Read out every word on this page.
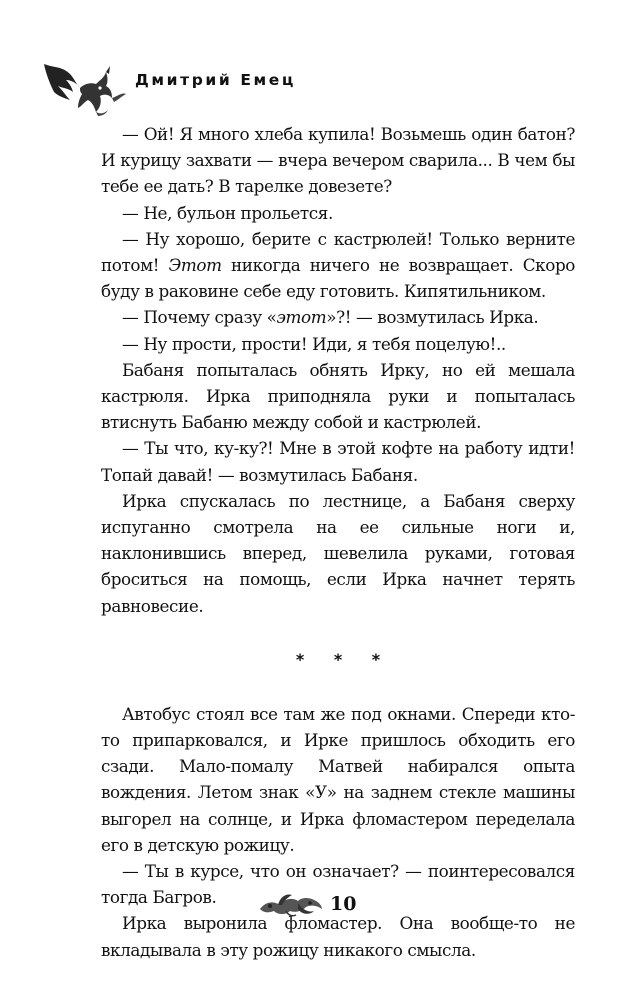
Дмитрий Емец

— Ой! Я много хлеба купила! Возьмешь один батон? И курицу захвати — вчера вечером сварила... В чем бы тебе ее дать? В тарелке довезете?

— Не, бульон прольется.

— Ну хорошо, берите с кастрюлей! Только верните потом! Этот никогда ничего не возвращает. Скоро буду в раковине себе еду готовить. Кипятильником.

— Почему сразу «этот»?! — возмутилась Ирка.

— Ну прости, прости! Иди, я тебя поцелую!..

Бабаня попыталась обнять Ирку, но ей мешала кастрюля. Ирка приподняла руки и попыталась втиснуть Бабаню между собой и кастрюлей.

— Ты что, ку-ку?! Мне в этой кофте на работу идти! Топай давай! — возмутилась Бабаня.

Ирка спускалась по лестнице, а Бабаня сверху испуганно смотрела на ее сильные ноги и, наклонившись вперед, шевелила руками, готовая броситься на помощь, если Ирка начнет терять равновесие.

* * *

Автобус стоял все там же под окнами. Спереди кто-то припарковался, и Ирке пришлось обходить его сзади. Мало-помалу Матвей набирался опыта вождения. Летом знак «У» на заднем стекле машины выгорел на солнце, и Ирка фломастером переделала его в детскую рожицу.

— Ты в курсе, что он означает? — поинтересовался тогда Багров.

Ирка выронила фломастер. Она вообще-то не вкладывала в эту рожицу никакого смысла.

10
